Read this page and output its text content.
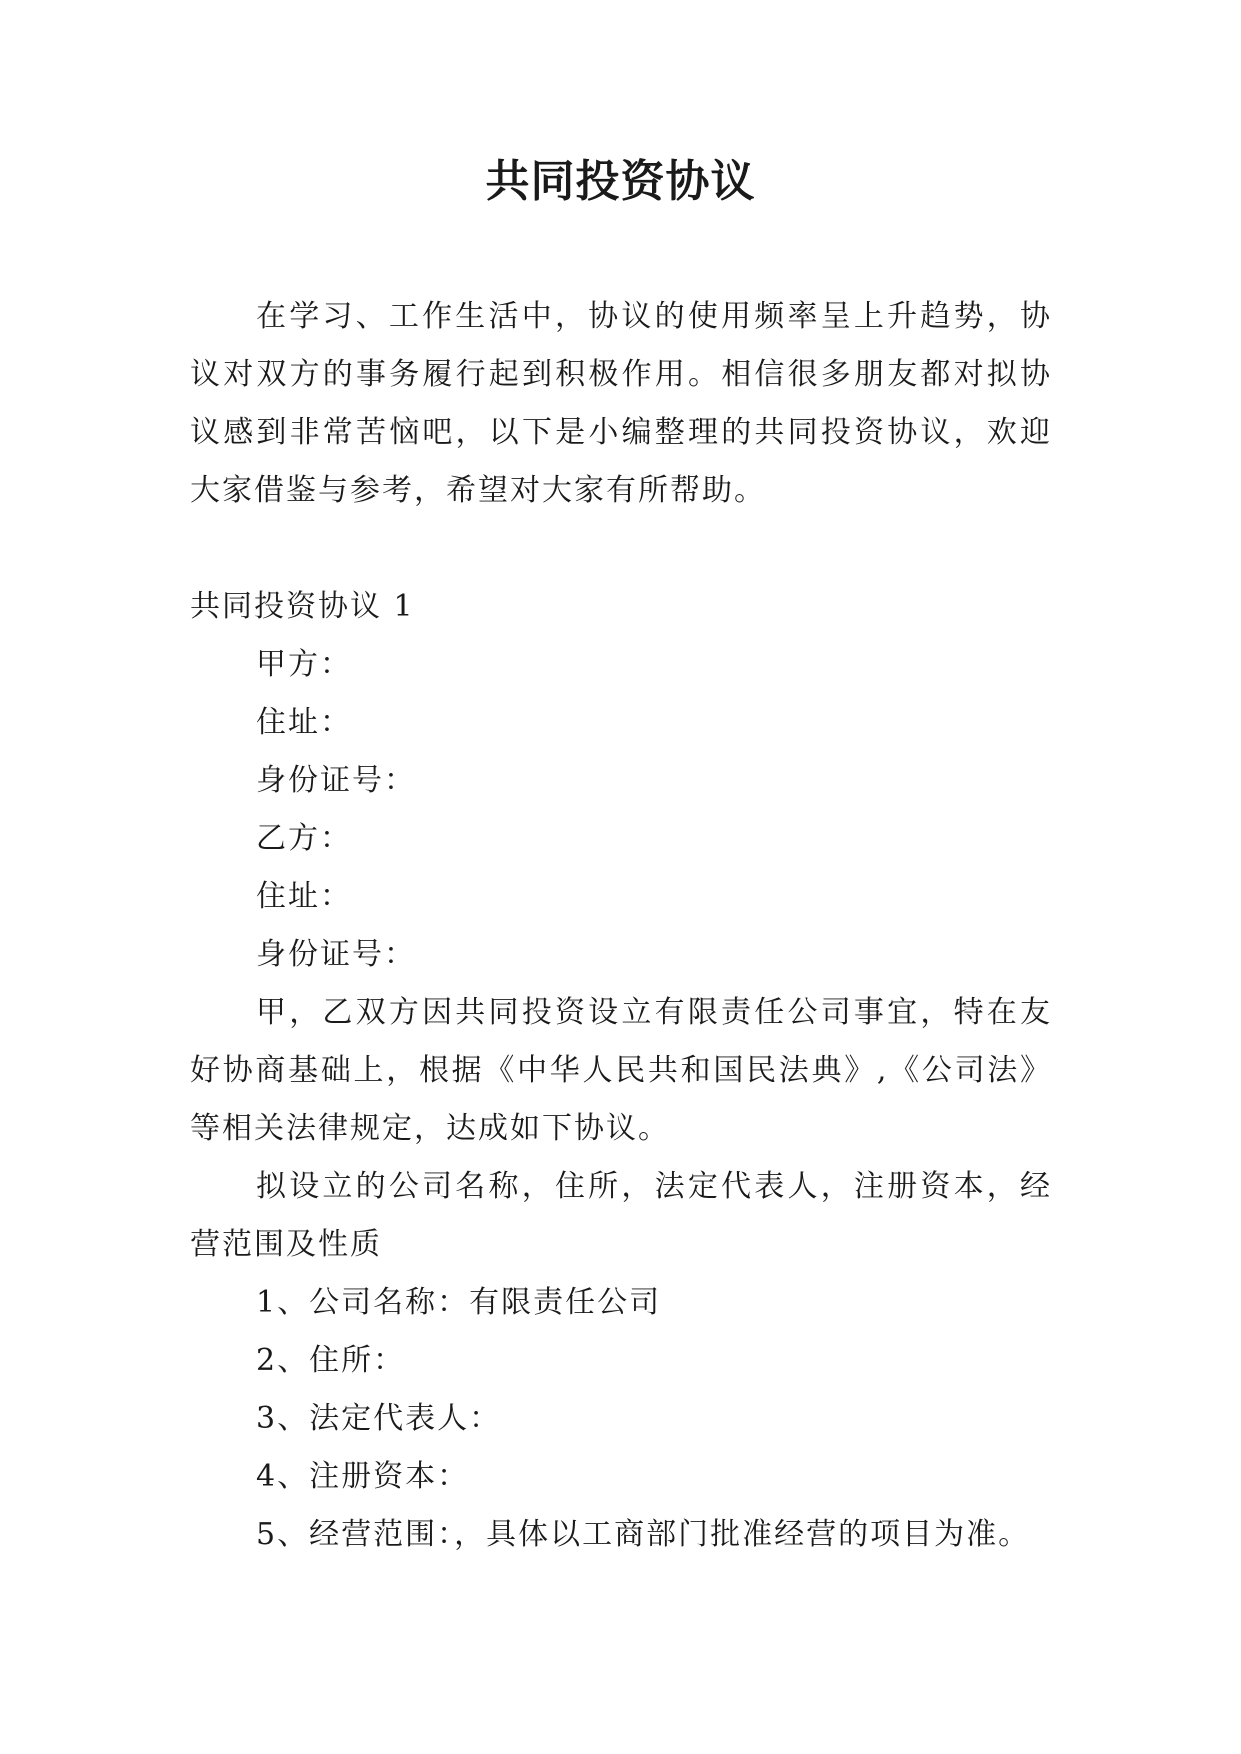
共同投资协议

在学习、工作生活中，协议的使用频率呈上升趋势，协议对双方的事务履行起到积极作用。相信很多朋友都对拟协议感到非常苦恼吧，以下是小编整理的共同投资协议，欢迎大家借鉴与参考，希望对大家有所帮助。

共同投资协议 1

甲方：

住址：

身份证号：

乙方：

住址：

身份证号：

甲，乙双方因共同投资设立有限责任公司事宜，特在友好协商基础上，根据《中华人民共和国民法典》,《公司法》等相关法律规定，达成如下协议。

拟设立的公司名称，住所，法定代表人，注册资本，经营范围及性质

1、公司名称：有限责任公司

2、住所：

3、法定代表人：

4、注册资本：

5、经营范围：，具体以工商部门批准经营的项目为准。
